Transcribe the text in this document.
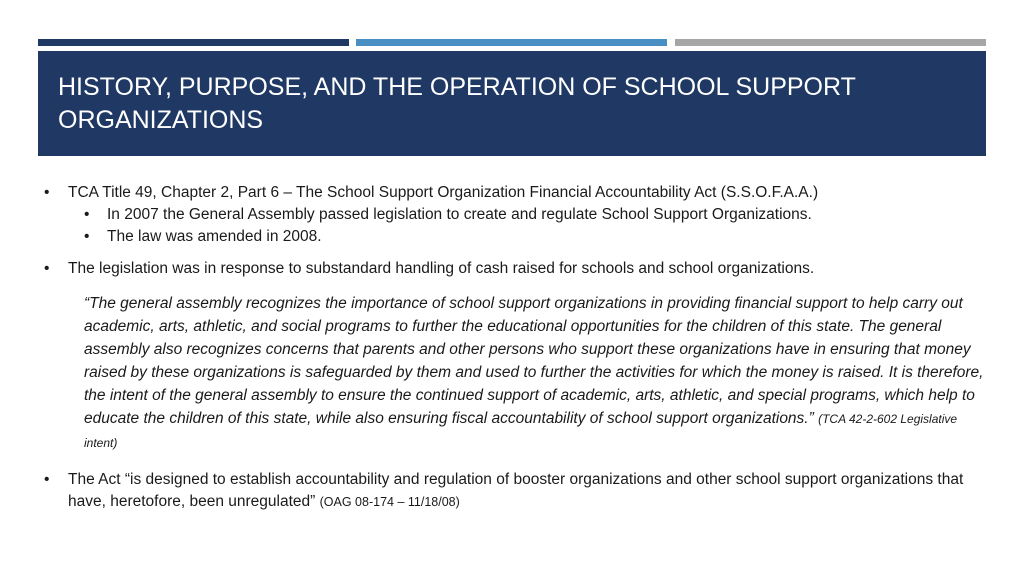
HISTORY, PURPOSE, AND THE OPERATION OF SCHOOL SUPPORT ORGANIZATIONS
• TCA Title 49, Chapter 2, Part 6 – The School Support Organization Financial Accountability Act (S.S.O.F.A.A.)
• In 2007 the General Assembly passed legislation to create and regulate School Support Organizations.
• The law was amended in 2008.
• The legislation was in response to substandard handling of cash raised for schools and school organizations.
“The general assembly recognizes the importance of school support organizations in providing financial support to help carry out academic, arts, athletic, and social programs to further the educational opportunities for the children of this state. The general assembly also recognizes concerns that parents and other persons who support these organizations have in ensuring that money raised by these organizations is safeguarded by them and used to further the activities for which the money is raised. It is therefore, the intent of the general assembly to ensure the continued support of academic, arts, athletic, and special programs, which help to educate the children of this state, while also ensuring fiscal accountability of school support organizations.” (TCA 42-2-602 Legislative intent)
• The Act “is designed to establish accountability and regulation of booster organizations and other school support organizations that have, heretofore, been unregulated” (OAG 08-174 – 11/18/08)
